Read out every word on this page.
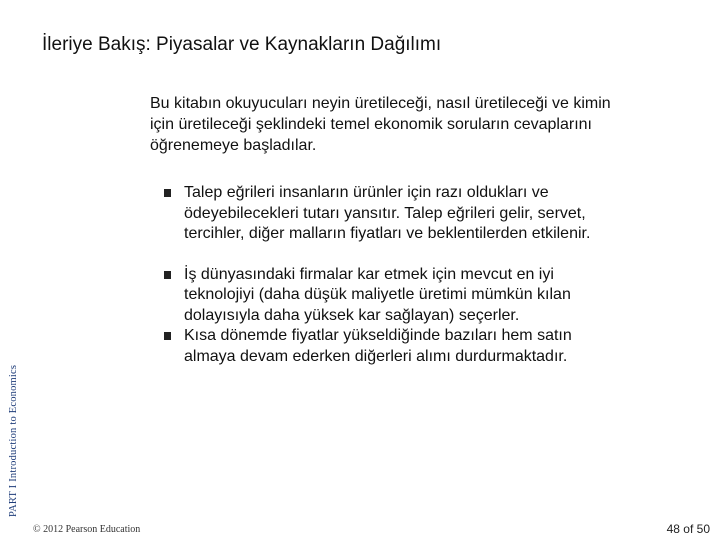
İleriye Bakış: Piyasalar ve Kaynakların Dağılımı
Bu kitabın okuyucuları neyin üretileceği, nasıl üretileceği ve kimin için üretileceği şeklindeki temel ekonomik soruların cevaplarını öğrenemeye başladılar.
Talep eğrileri insanların ürünler için razı oldukları ve ödeyebilecekleri tutarı yansıtır. Talep eğrileri gelir, servet, tercihler, diğer malların fiyatları ve beklentilerden etkilenir.
İş dünyasındaki firmalar kar etmek için mevcut en iyi teknolojiyi (daha düşük maliyetle üretimi mümkün kılan dolayısıyla daha yüksek kar sağlayan) seçerler.
Kısa dönemde fiyatlar yükseldiğinde bazıları hem satın almaya devam ederken diğerleri alımı durdurmaktadır.
PART I Introduction to Economics
© 2012 Pearson Education	48 of 50
